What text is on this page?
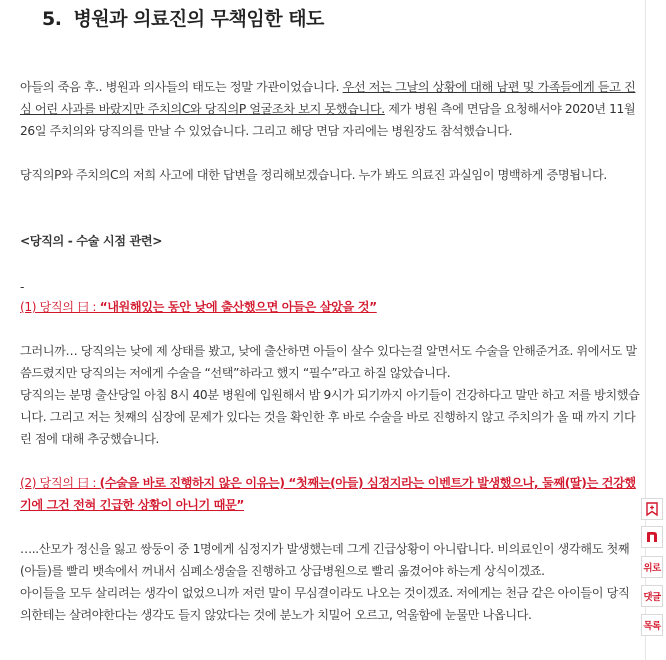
5. 병원과 의료진의 무책임한 태도

아들의 죽음 후.. 병원과 의사들의 태도는 정말 가관이었습니다. 우선 저는 그날의 상황에 대해 남편 및 가족들에게 듣고 진심 어린 사과를 바랐지만 주치의C와 당직의P 얼굴조차 보지 못했습니다. 제가 병원 측에 면담을 요청해서야 2020년 11월 26일 주치의와 당직의를 만날 수 있었습니다. 그리고 해당 면담 자리에는 병원장도 참석했습니다.

당직의P와 주치의C의 저희 사고에 대한 답변을 정리해보겠습니다. 누가 봐도 의료진 과실임이 명백하게 증명됩니다.

<당직의 - 수술 시점 관련>

-

(1) 당직의 曰 : “내원해있는 동안 낮에 출산했으면 아들은 살았을 것”

그러니까… 당직의는 낮에 제 상태를 봤고, 낮에 출산하면 아들이 살수 있다는걸 알면서도 수술을 안해준거죠. 위에서도 말씀드렸지만 당직의는 저에게 수술을 “선택”하라고 했지 “필수”라고 하질 않았습니다.

당직의는 분명 출산당일 아침 8시 40분 병원에 입원해서 밤 9시가 되기까지 아기들이 건강하다고 말만 하고 저를 방치했습니다. 그리고 저는 첫째의 심장에 문제가 있다는 것을 확인한 후 바로 수술을 바로 진행하지 않고 주치의가 올 때 까지 기다린 점에 대해 추궁했습니다.

(2) 당직의 曰 : (수술을 바로 진행하지 않은 이유는) “첫째는(아들) 심정지라는 이벤트가 발생했으나, 둘째(딸)는 건강했기에 그건 전혀 긴급한 상황이 아니기 때문”

…..산모가 정신을 잃고 쌍둥이 중 1명에게 심정지가 발생했는데 그게 긴급상황이 아니랍니다. 비의료인이 생각해도 첫째(아들)를 빨리 뱃속에서 꺼내서 심폐소생술을 진행하고 상급병원으로 빨리 옮겼어야 하는게 상식이겠죠.

아이들을 모두 살리려는 생각이 없었으니까 저런 말이 무심결이라도 나오는 것이겠죠. 저에게는 천금 같은 아이들이 당직의한테는 살려야한다는 생각도 들지 않았다는 것에 분노가 치밀어 오르고, 억울함에 눈물만 나옵니다.

위로
댓글
목록
